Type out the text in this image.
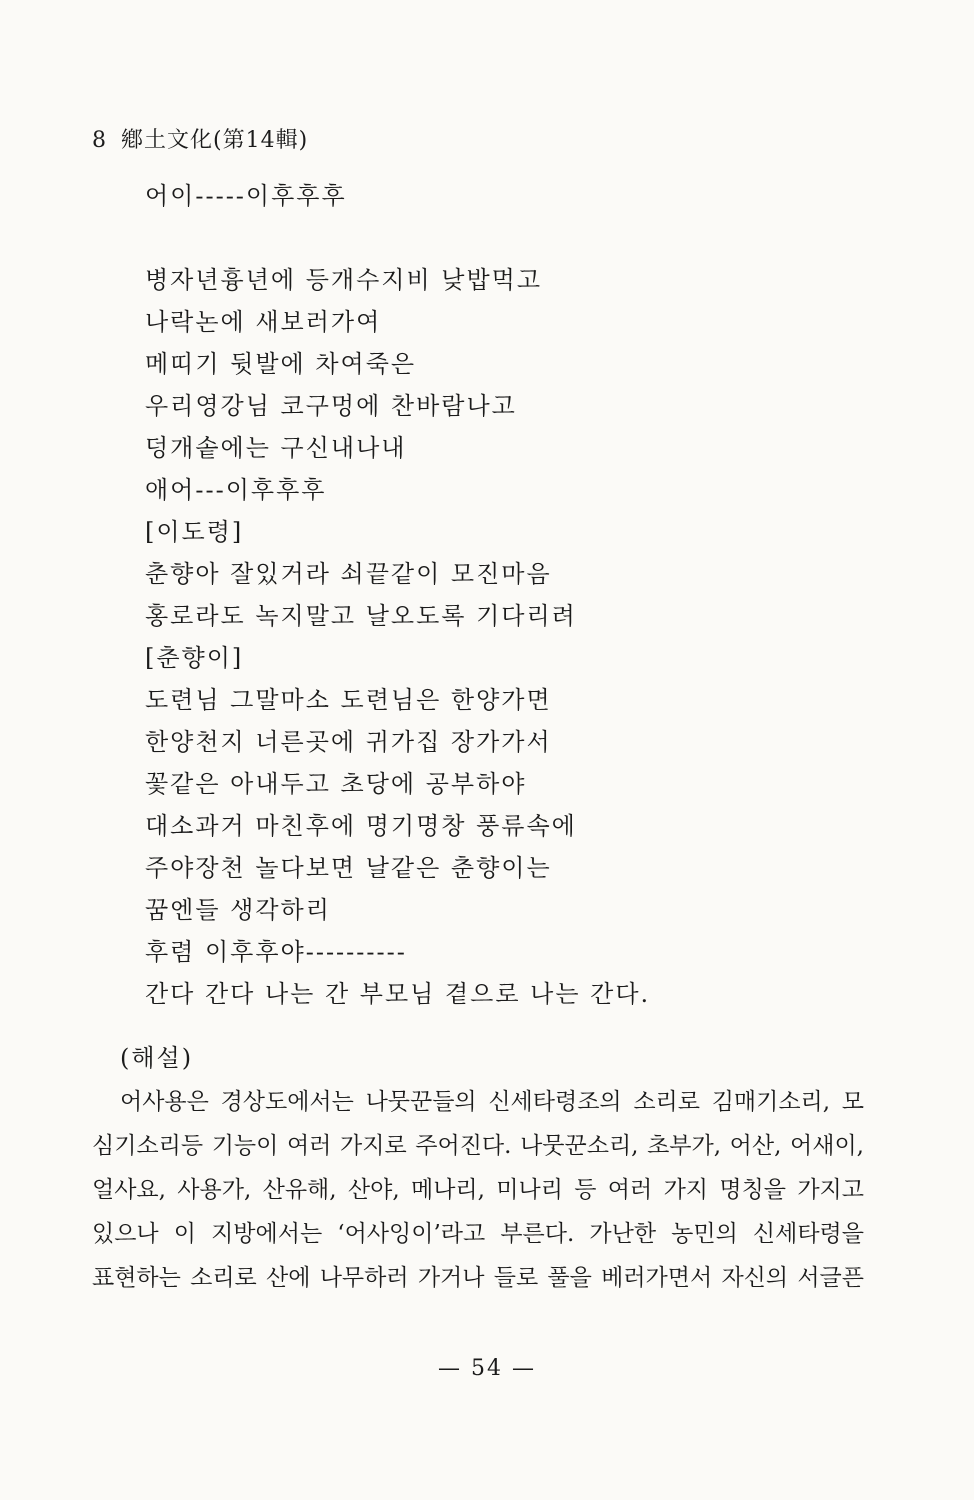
8 鄕土文化(第14輯)
어이-----이후후후
병자년흉년에 등개수지비 낮밥먹고
나락논에 새보러가여
메띠기 뒷발에 차여죽은
우리영강님 코구멍에 찬바람나고
덩개솥에는 구신내나내
애어---이후후후
[이도령]
춘향아 잘있거라 쇠끝같이 모진마음
홍로라도 녹지말고 날오도록 기다리려
[춘향이]
도련님 그말마소 도련님은 한양가면
한양천지 너른곳에 귀가집 장가가서
꽃같은 아내두고 초당에 공부하야
대소과거 마친후에 명기명창 풍류속에
주야장천 놀다보면 날같은 춘향이는
꿈엔들 생각하리
후렴 이후후야----------
간다 간다 나는 간 부모님 곁으로 나는 간다.
(해설)
어사용은 경상도에서는 나뭇꾼들의 신세타령조의 소리로 김매기소리, 모
심기소리등 기능이 여러 가지로 주어진다. 나뭇꾼소리, 초부가, 어산, 어새이,
얼사요, 사용가, 산유해, 산야, 메나리, 미나리 등 여러 가지 명칭을 가지고
있으나 이 지방에서는 ‘어사잉이’라고 부른다. 가난한 농민의 신세타령을
표현하는 소리로 산에 나무하러 가거나 들로 풀을 베러가면서 자신의 서글픈
— 54 —
